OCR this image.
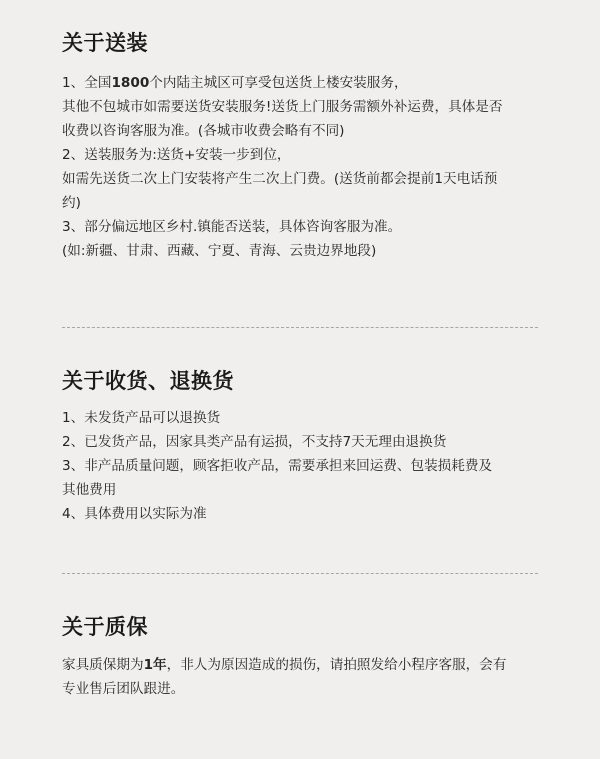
关于送装

1、全国1800个内陆主城区可享受包送货上楼安装服务，

其他不包城市如需要送货安装服务!送货上门服务需额外补运费，具体是否

收费以咨询客服为准。(各城市收费会略有不同)

2、送装服务为:送货+安装一步到位，

如需先送货二次上门安装将产生二次上门费。(送货前都会提前1天电话预

约)

3、部分偏远地区乡村.镇能否送装，具体咨询客服为准。

(如:新疆、甘肃、西藏、宁夏、青海、云贵边界地段)

关于收货、退换货

1、未发货产品可以退换货

2、已发货产品，因家具类产品有运损，不支持7天无理由退换货

3、非产品质量问题，顾客拒收产品，需要承担来回运费、包装损耗费及

其他费用

4、具体费用以实际为准

关于质保

家具质保期为1年，非人为原因造成的损伤，请拍照发给小程序客服，会有

专业售后团队跟进。
